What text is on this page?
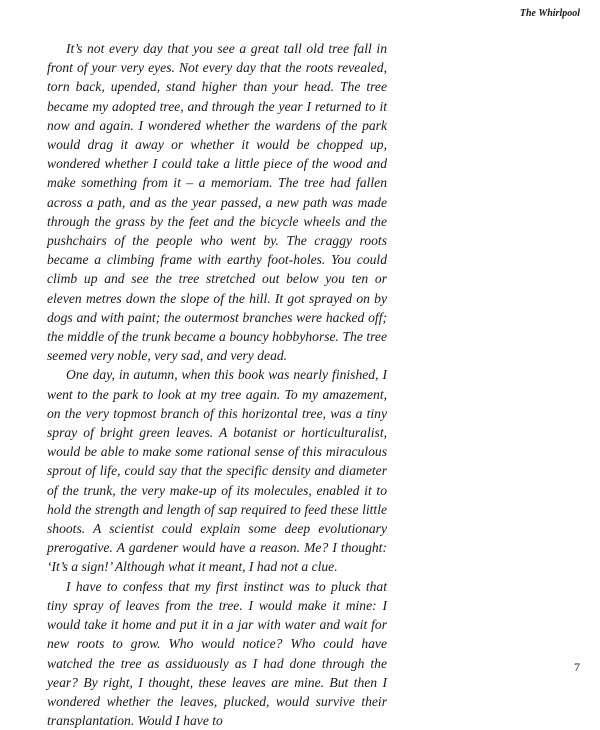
The Whirlpool

It’s not every day that you see a great tall old tree fall in front of your very eyes. Not every day that the roots revealed, torn back, upended, stand higher than your head. The tree became my adopted tree, and through the year I returned to it now and again. I wondered whether the wardens of the park would drag it away or whether it would be chopped up, wondered whether I could take a little piece of the wood and make something from it – a memoriam. The tree had fallen across a path, and as the year passed, a new path was made through the grass by the feet and the bicycle wheels and the pushchairs of the people who went by. The craggy roots became a climbing frame with earthy foot-holes. You could climb up and see the tree stretched out below you ten or eleven metres down the slope of the hill. It got sprayed on by dogs and with paint; the outermost branches were hacked off; the middle of the trunk became a bouncy hobbyhorse. The tree seemed very noble, very sad, and very dead.

One day, in autumn, when this book was nearly finished, I went to the park to look at my tree again. To my amazement, on the very topmost branch of this horizontal tree, was a tiny spray of bright green leaves. A botanist or horticulturalist, would be able to make some rational sense of this miraculous sprout of life, could say that the specific density and diameter of the trunk, the very make-up of its molecules, enabled it to hold the strength and length of sap required to feed these little shoots. A scientist could explain some deep evolutionary prerogative. A gardener would have a reason. Me? I thought: ‘It’s a sign!’ Although what it meant, I had not a clue.

I have to confess that my first instinct was to pluck that tiny spray of leaves from the tree. I would make it mine: I would take it home and put it in a jar with water and wait for new roots to grow. Who would notice? Who could have watched the tree as assiduously as I had done through the year? By right, I thought, these leaves are mine. But then I wondered whether the leaves, plucked, would survive their transplantation. Would I have to

7
